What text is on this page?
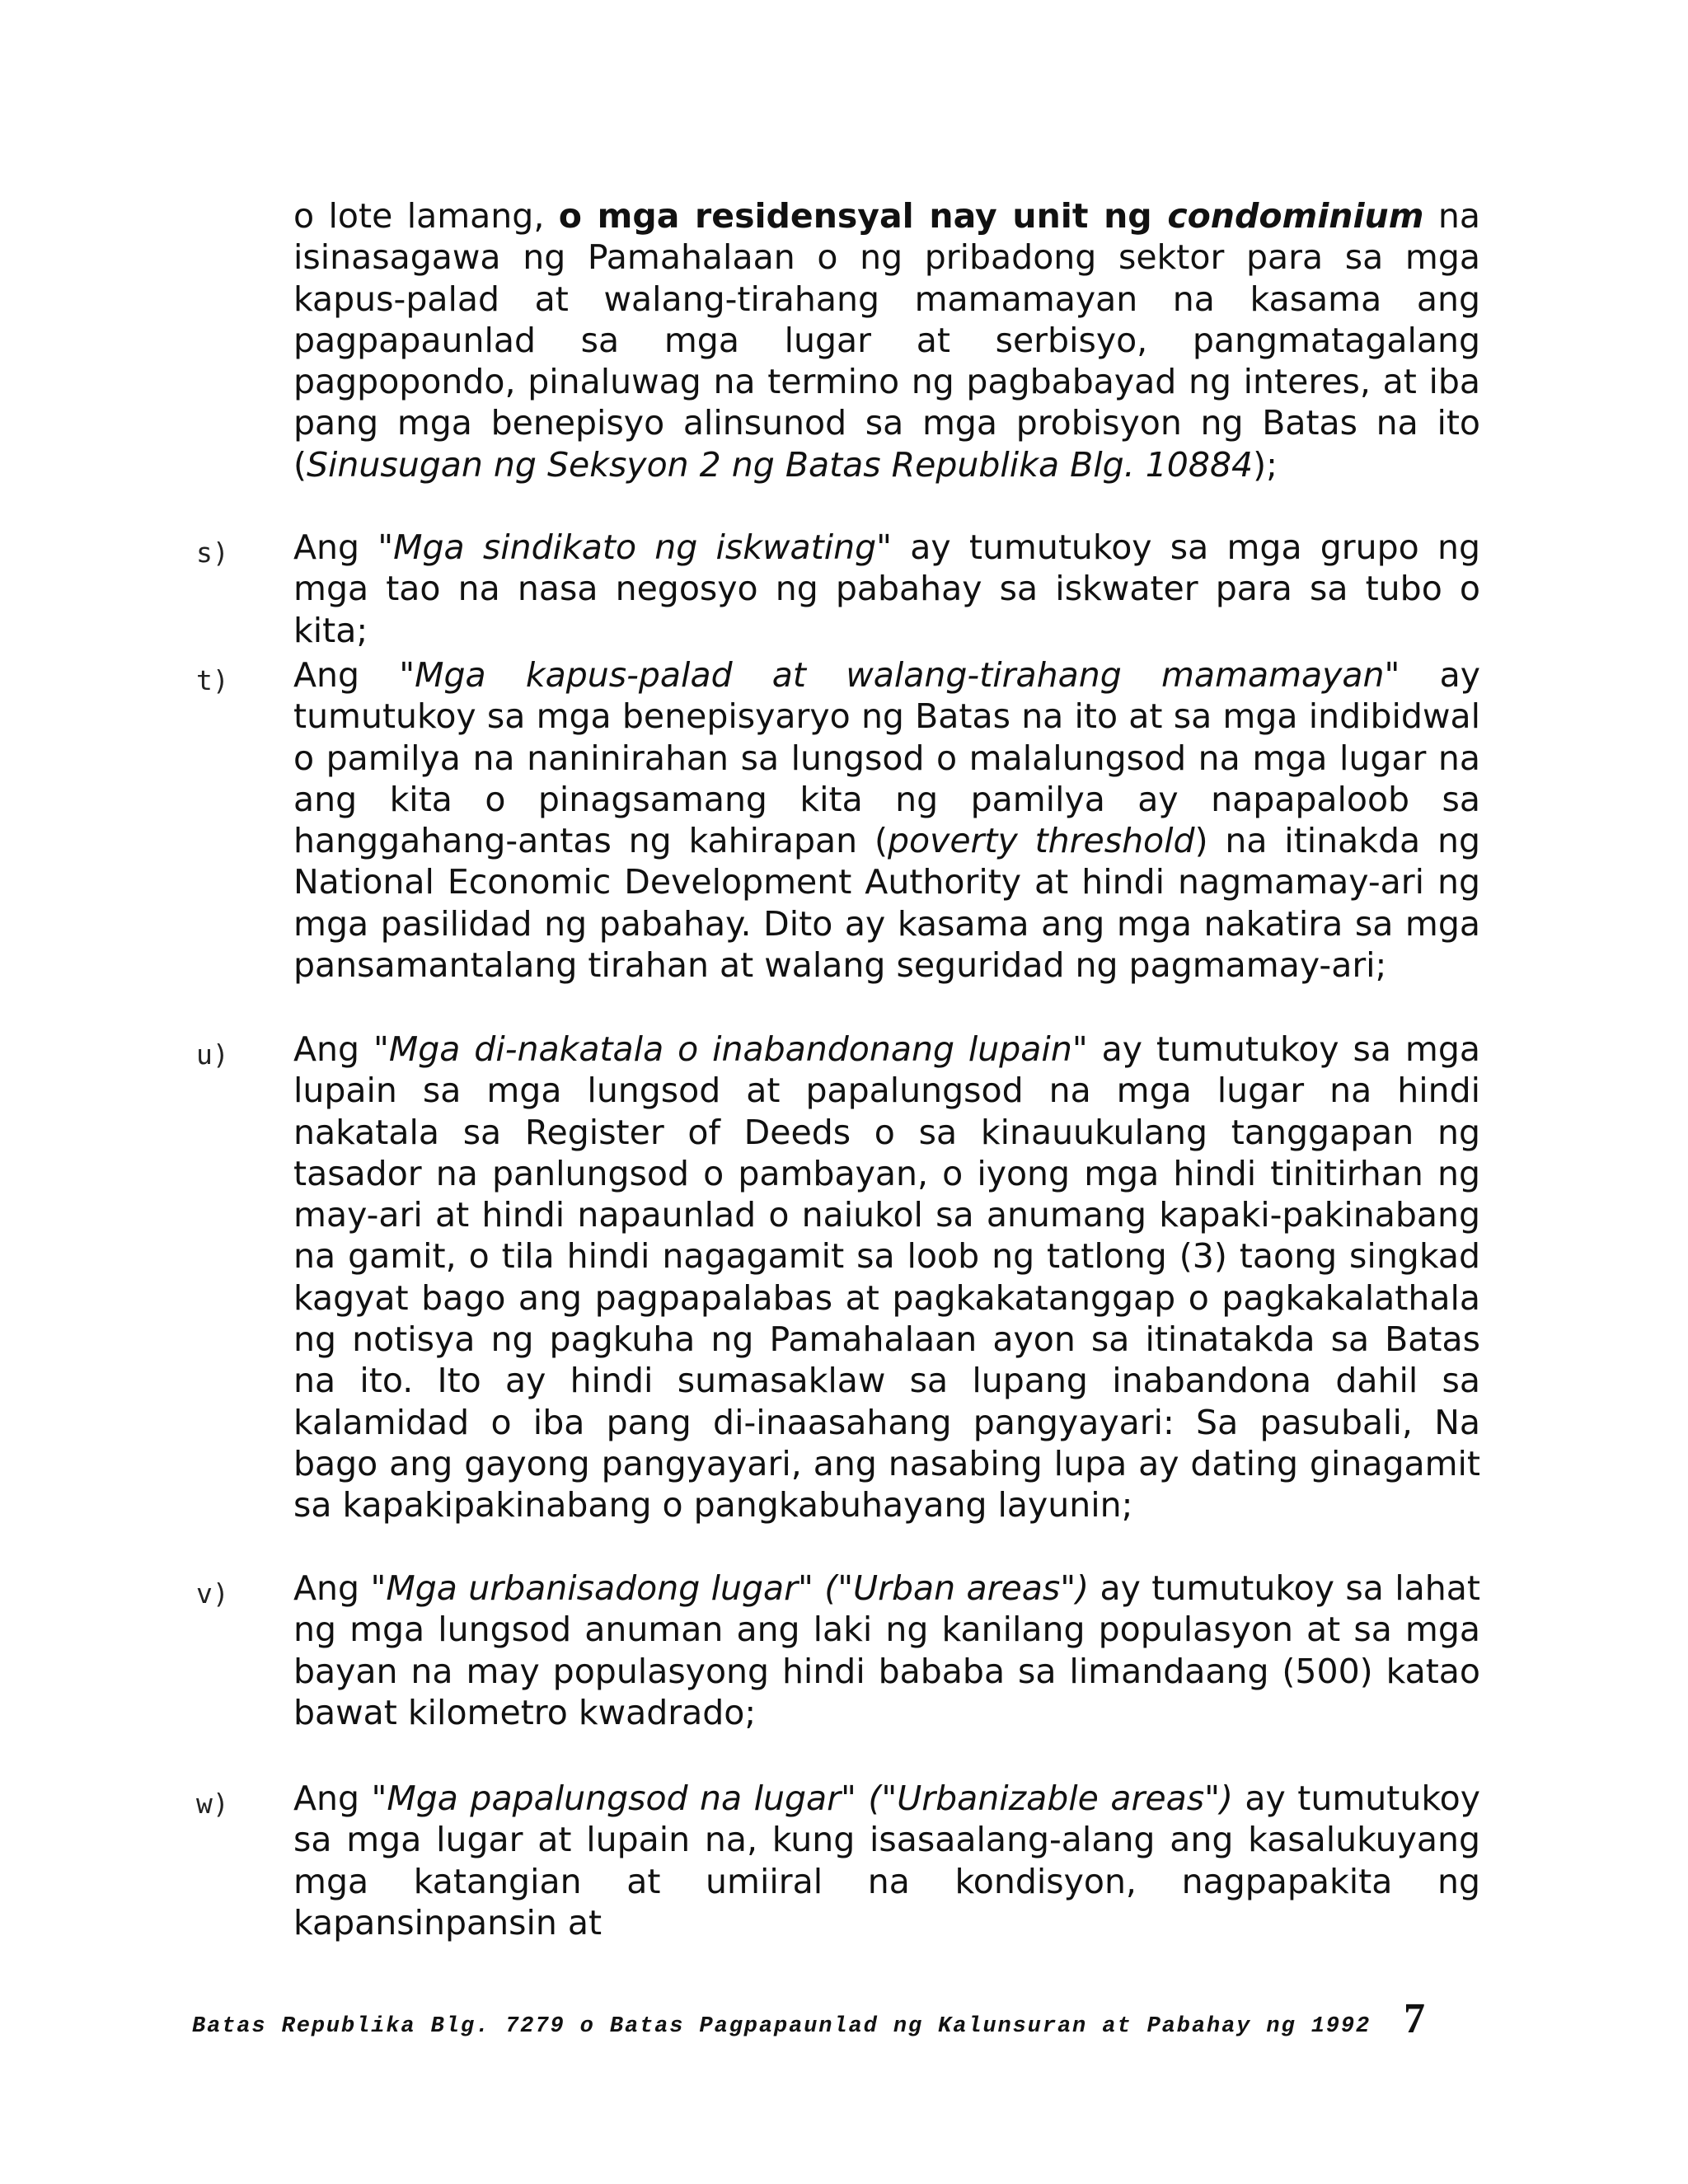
o lote lamang, o mga residensyal nay unit ng condominium na isinasagawa ng Pamahalaan o ng pribadong sektor para sa mga kapus-palad at walang-tirahang mamamayan na kasama ang pagpapaunlad sa mga lugar at serbisyo, pangmatagalang pagpopondo, pinaluwag na termino ng pagbabayad ng interes, at iba pang mga benepisyo alinsunod sa mga probisyon ng Batas na ito (Sinusugan ng Seksyon 2 ng Batas Republika Blg. 10884);

s) Ang "Mga sindikato ng iskwating" ay tumutukoy sa mga grupo ng mga tao na nasa negosyo ng pabahay sa iskwater para sa tubo o kita;

t) Ang "Mga kapus-palad at walang-tirahang mamamayan" ay tumutukoy sa mga benepisyaryo ng Batas na ito at sa mga indibidwal o pamilya na naninirahan sa lungsod o malalungsod na mga lugar na ang kita o pinagsamang kita ng pamilya ay napapaloob sa hanggahang-antas ng kahirapan (poverty threshold) na itinakda ng National Economic Development Authority at hindi nagmamay-ari ng mga pasilidad ng pabahay. Dito ay kasama ang mga nakatira sa mga pansamantalang tirahan at walang seguridad ng pagmamay-ari;

u) Ang "Mga di-nakatala o inabandonang lupain" ay tumutukoy sa mga lupain sa mga lungsod at papalungsod na mga lugar na hindi nakatala sa Register of Deeds o sa kinauukulang tanggapan ng tasador na panlungsod o pambayan, o iyong mga hindi tinitirhan ng may-ari at hindi napaunlad o naiukol sa anumang kapaki-pakinabang na gamit, o tila hindi nagagamit sa loob ng tatlong (3) taong singkad kagyat bago ang pagpapalabas at pagkakatanggap o pagkakalathala ng notisya ng pagkuha ng Pamahalaan ayon sa itinatakda sa Batas na ito. Ito ay hindi sumasaklaw sa lupang inabandona dahil sa kalamidad o iba pang di-inaasahang pangyayari: Sa pasubali, Na bago ang gayong pangyayari, ang nasabing lupa ay dating ginagamit sa kapakipakinabang o pangkabuhayang layunin;

v) Ang "Mga urbanisadong lugar" ("Urban areas") ay tumutukoy sa lahat ng mga lungsod anuman ang laki ng kanilang populasyon at sa mga bayan na may populasyong hindi bababa sa limandaang (500) katao bawat kilometro kwadrado;

w) Ang "Mga papalungsod na lugar" ("Urbanizable areas") ay tumutukoy sa mga lugar at lupain na, kung isasaalang-alang ang kasalukuyang mga katangian at umiiral na kondisyon, nagpapakita ng kapansinpansin at

Batas Republika Blg. 7279 o Batas Pagpapaunlad ng Kalunsuran at Pabahay ng 1992 7
